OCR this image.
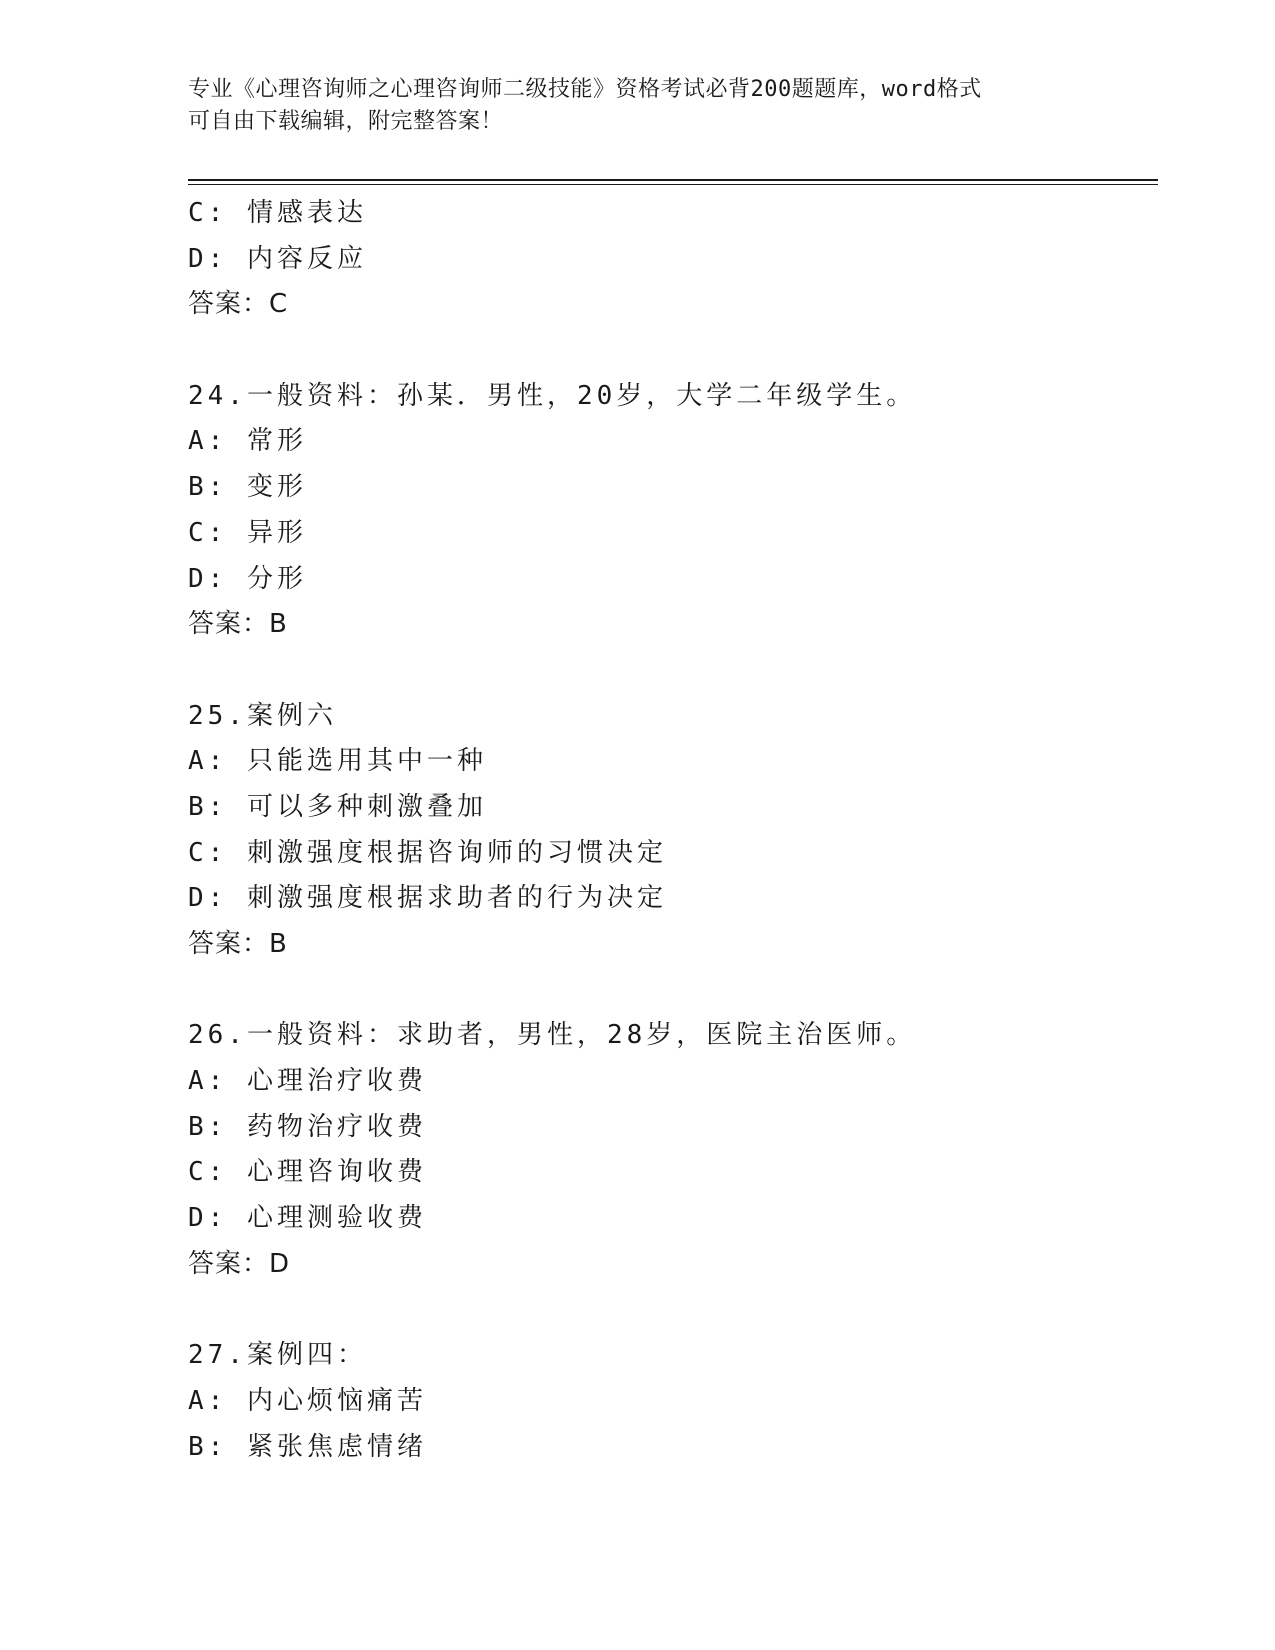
专业《心理咨询师之心理咨询师二级技能》资格考试必背200题题库，word格式
可自由下载编辑，附完整答案！
C: 情感表达
D: 内容反应
答案：C
24.一般资料：孙某．男性，20岁，大学二年级学生。
A: 常形
B: 变形
C: 异形
D: 分形
答案：B
25.案例六
A: 只能选用其中一种
B: 可以多种刺激叠加
C: 刺激强度根据咨询师的习惯决定
D: 刺激强度根据求助者的行为决定
答案：B
26.一般资料：求助者，男性，28岁，医院主治医师。
A: 心理治疗收费
B: 药物治疗收费
C: 心理咨询收费
D: 心理测验收费
答案：D
27.案例四：
A: 内心烦恼痛苦
B: 紧张焦虑情绪
